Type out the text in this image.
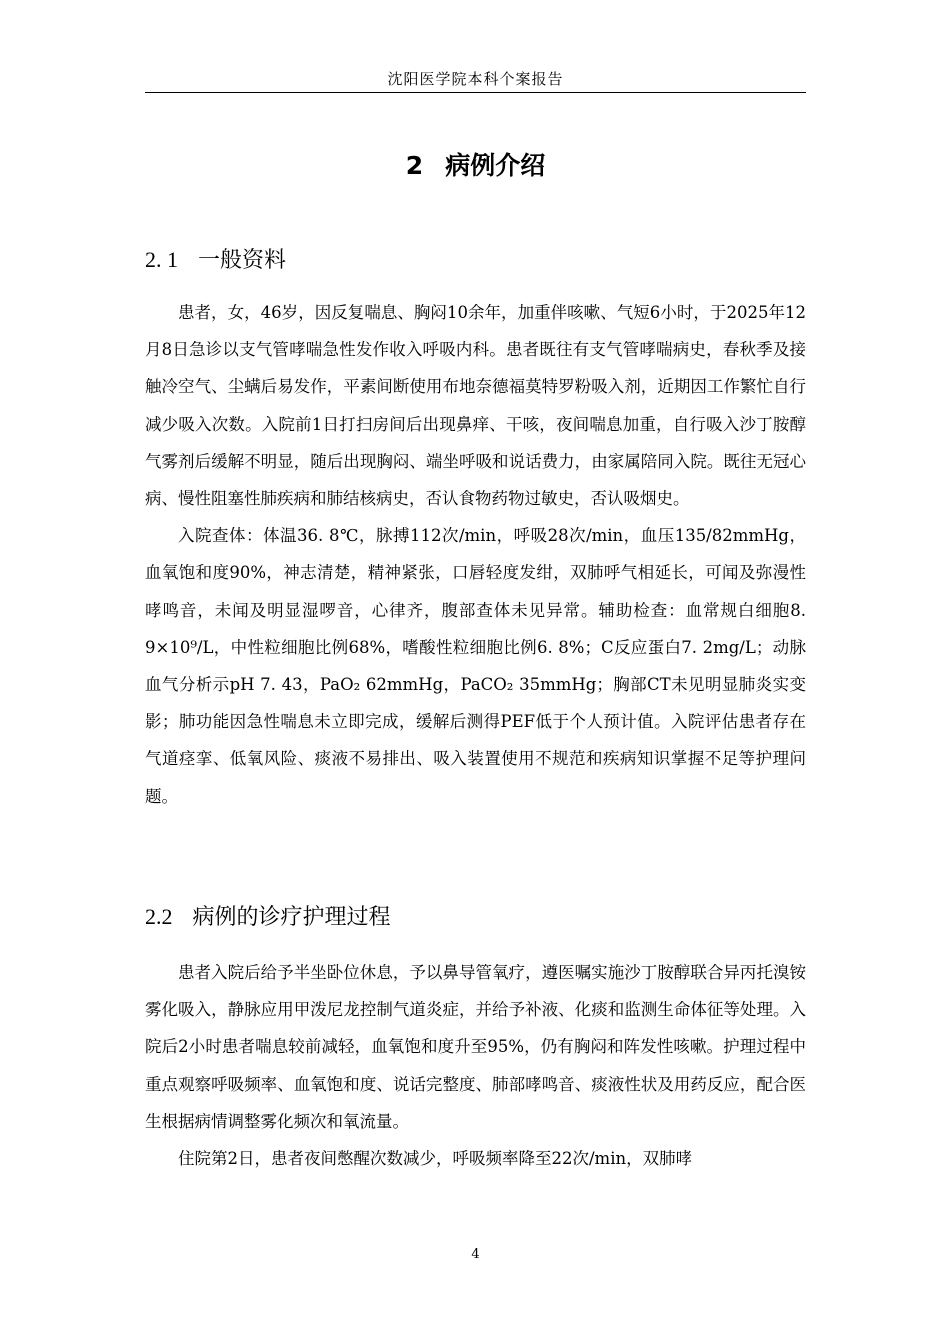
沈阳医学院本科个案报告
2 病例介绍
2. 1 一般资料

患者，女，46岁，因反复喘息、胸闷10余年，加重伴咳嗽、气短6小时，于2025年12月8日急诊以支气管哮喘急性发作收入呼吸内科。患者既往有支气管哮喘病史，春秋季及接触冷空气、尘螨后易发作，平素间断使用布地奈德福莫特罗粉吸入剂，近期因工作繁忙自行减少吸入次数。入院前1日打扫房间后出现鼻痒、干咳，夜间喘息加重，自行吸入沙丁胺醇气雾剂后缓解不明显，随后出现胸闷、端坐呼吸和说话费力，由家属陪同入院。既往无冠心病、慢性阻塞性肺疾病和肺结核病史，否认食物药物过敏史，否认吸烟史。

入院查体：体温36. 8℃，脉搏112次/min，呼吸28次/min，血压135/82mmHg，血氧饱和度90%，神志清楚，精神紧张，口唇轻度发绀，双肺呼气相延长，可闻及弥漫性哮鸣音，未闻及明显湿啰音，心律齐，腹部查体未见异常。辅助检查：血常规白细胞8. 9×10⁹/L，中性粒细胞比例68%，嗜酸性粒细胞比例6. 8%；C反应蛋白7. 2mg/L；动脉血气分析示pH 7. 43，PaO₂ 62mmHg，PaCO₂ 35mmHg；胸部CT未见明显肺炎实变影；肺功能因急性喘息未立即完成，缓解后测得PEF低于个人预计值。入院评估患者存在气道痉挛、低氧风险、痰液不易排出、吸入装置使用不规范和疾病知识掌握不足等护理问题。

2.2 病例的诊疗护理过程

患者入院后给予半坐卧位休息，予以鼻导管氧疗，遵医嘱实施沙丁胺醇联合异丙托溴铵雾化吸入，静脉应用甲泼尼龙控制气道炎症，并给予补液、化痰和监测生命体征等处理。入院后2小时患者喘息较前减轻，血氧饱和度升至95%，仍有胸闷和阵发性咳嗽。护理过程中重点观察呼吸频率、血氧饱和度、说话完整度、肺部哮鸣音、痰液性状及用药反应，配合医生根据病情调整雾化频次和氧流量。

住院第2日，患者夜间憋醒次数减少，呼吸频率降至22次/min，双肺哮

4
